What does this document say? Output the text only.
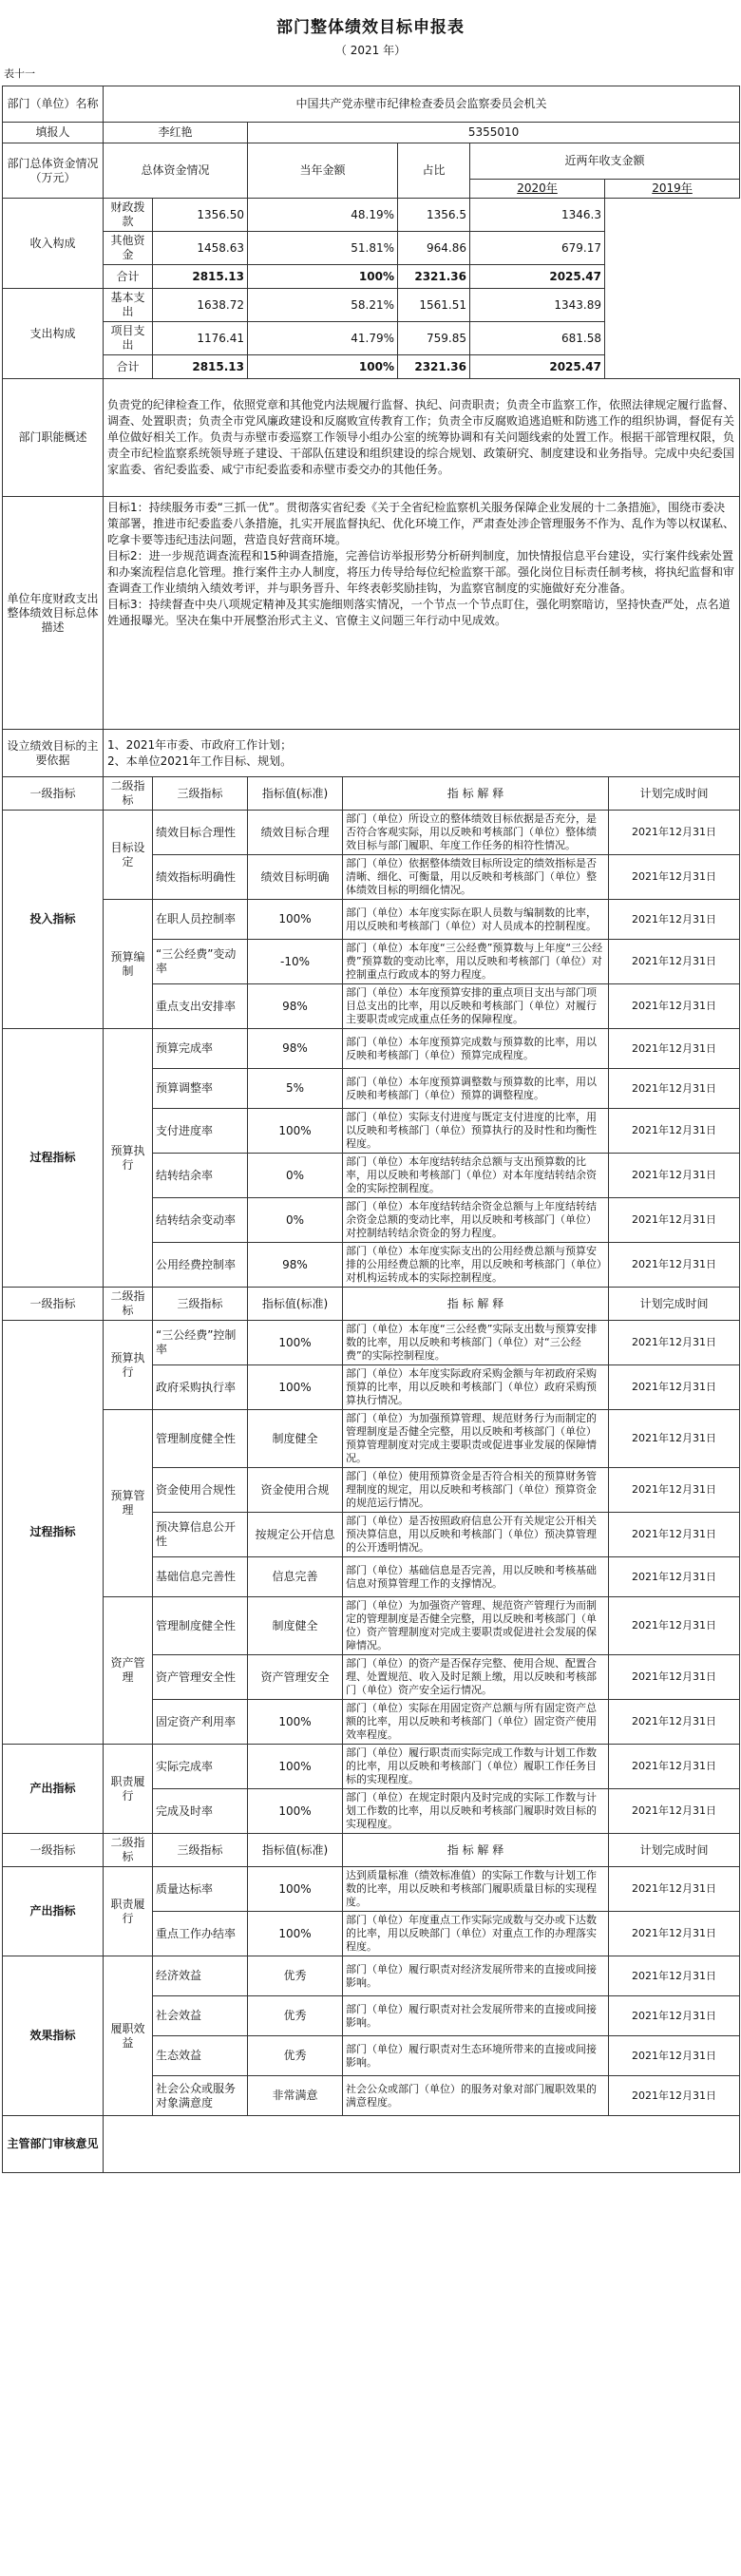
部门整体绩效目标申报表
（ 2021 年）
表十一
部门（单位）名称	中国共产党赤壁市纪律检查委员会监察委员会机关					
填报人	李红艳		5355010			
部门总体资金情况（万元）	总体资金情况		当年金额	占比	近两年收支金额	
					2020年	2019年
收入构成	财政拨款	1356.50	48.19%	1356.5	1346.3	
	其他资金	1458.63	51.81%	964.86	679.17	
	合计	2815.13	100%	2321.36	2025.47	
支出构成	基本支出	1638.72	58.21%	1561.51	1343.89	
	项目支出	1176.41	41.79%	759.85	681.58	
	合计	2815.13	100%	2321.36	2025.47	
部门职能概述	负责党的纪律检查工作，依照党章和其他党内法规履行监督、执纪、问责职责；负责全市监察工作，依照法律规定履行监督、调查、处置职责；负责全市党风廉政建设和反腐败宣传教育工作；负责全市反腐败追逃追赃和防逃工作的组织协调，督促有关单位做好相关工作。负责与赤壁市委巡察工作领导小组办公室的统筹协调和有关问题线索的处置工作。根据干部管理权限，负责全市纪检监察系统领导班子建设、干部队伍建设和组织建设的综合规划、政策研究、制度建设和业务指导。完成中央纪委国家监委、省纪委监委、咸宁市纪委监委和赤壁市委交办的其他任务。					
单位年度财政支出整体绩效目标总体描述	目标1：持续服务市委“三抓一优”。贯彻落实省纪委《关于全省纪检监察机关服务保障企业发展的十二条措施》，围绕市委决策部署，推进市纪委监委八条措施，扎实开展监督执纪、优化环境工作，严肃查处涉企管理服务不作为、乱作为等以权谋私、吃拿卡要等违纪违法问题，营造良好营商环境。
目标2：进一步规范调查流程和15种调查措施，完善信访举报形势分析研判制度，加快情报信息平台建设，实行案件线索处置和办案流程信息化管理。推行案件主办人制度，将压力传导给每位纪检监察干部。强化岗位目标责任制考核，将执纪监督和审查调查工作业绩纳入绩效考评，并与职务晋升、年终表彰奖励挂钩，为监察官制度的实施做好充分准备。
目标3：持续督查中央八项规定精神及其实施细则落实情况，一个节点一个节点盯住，强化明察暗访，坚持快查严处，点名道姓通报曝光。坚决在集中开展整治形式主义、官僚主义问题三年行动中见成效。					
设立绩效目标的主要依据	1、2021年市委、市政府工作计划；
2、本单位2021年工作目标、规划。					
一级指标	二级指标	三级指标	指标值(标准)	指 标 解 释	计划完成时间
投入指标	目标设定	绩效目标合理性	绩效目标合理	部门（单位）所设立的整体绩效目标依据是否充分，是否符合客观实际，用以反映和考核部门（单位）整体绩效目标与部门履职、年度工作任务的相符性情况。	2021年12月31日
		绩效指标明确性	绩效目标明确	部门（单位）依据整体绩效目标所设定的绩效指标是否清晰、细化、可衡量，用以反映和考核部门（单位）整体绩效目标的明细化情况。	2021年12月31日
	预算编制	在职人员控制率	100%	部门（单位）本年度实际在职人员数与编制数的比率，用以反映和考核部门（单位）对人员成本的控制程度。	2021年12月31日
		“三公经费”变动率	-10%	部门（单位）本年度“三公经费”预算数与上年度“三公经费”预算数的变动比率，用以反映和考核部门（单位）对控制重点行政成本的努力程度。	2021年12月31日
		重点支出安排率	98%	部门（单位）本年度预算安排的重点项目支出与部门项目总支出的比率，用以反映和考核部门（单位）对履行主要职责或完成重点任务的保障程度。	2021年12月31日
过程指标	预算执行	预算完成率	98%	部门（单位）本年度预算完成数与预算数的比率，用以反映和考核部门（单位）预算完成程度。	2021年12月31日
		预算调整率	5%	部门（单位）本年度预算调整数与预算数的比率，用以反映和考核部门（单位）预算的调整程度。	2021年12月31日
		支付进度率	100%	部门（单位）实际支付进度与既定支付进度的比率，用以反映和考核部门（单位）预算执行的及时性和均衡性程度。	2021年12月31日
		结转结余率	0%	部门（单位）本年度结转结余总额与支出预算数的比率，用以反映和考核部门（单位）对本年度结转结余资金的实际控制程度。	2021年12月31日
		结转结余变动率	0%	部门（单位）本年度结转结余资金总额与上年度结转结余资金总额的变动比率，用以反映和考核部门（单位）对控制结转结余资金的努力程度。	2021年12月31日
		公用经费控制率	98%	部门（单位）本年度实际支出的公用经费总额与预算安排的公用经费总额的比率，用以反映和考核部门（单位）对机构运转成本的实际控制程度。	2021年12月31日
一级指标	二级指标	三级指标	指标值(标准)	指 标 解 释	计划完成时间
过程指标	预算执行	“三公经费”控制率	100%	部门（单位）本年度“三公经费”实际支出数与预算安排数的比率，用以反映和考核部门（单位）对“三公经费”的实际控制程度。	2021年12月31日
		政府采购执行率	100%	部门（单位）本年度实际政府采购金额与年初政府采购预算的比率，用以反映和考核部门（单位）政府采购预算执行情况。	2021年12月31日
	预算管理	管理制度健全性	制度健全	部门（单位）为加强预算管理、规范财务行为而制定的管理制度是否健全完整，用以反映和考核部门（单位）预算管理制度对完成主要职责或促进事业发展的保障情况。	2021年12月31日
		资金使用合规性	资金使用合规	部门（单位）使用预算资金是否符合相关的预算财务管理制度的规定，用以反映和考核部门（单位）预算资金的规范运行情况。	2021年12月31日
		预决算信息公开性	按规定公开信息	部门（单位）是否按照政府信息公开有关规定公开相关预决算信息，用以反映和考核部门（单位）预决算管理的公开透明情况。	2021年12月31日
		基础信息完善性	信息完善	部门（单位）基础信息是否完善，用以反映和考核基础信息对预算管理工作的支撑情况。	2021年12月31日
	资产管理	管理制度健全性	制度健全	部门（单位）为加强资产管理、规范资产管理行为而制定的管理制度是否健全完整，用以反映和考核部门（单位）资产管理制度对完成主要职责或促进社会发展的保障情况。	2021年12月31日
		资产管理安全性	资产管理安全	部门（单位）的资产是否保存完整、使用合规、配置合理、处置规范、收入及时足额上缴，用以反映和考核部门（单位）资产安全运行情况。	2021年12月31日
		固定资产利用率	100%	部门（单位）实际在用固定资产总额与所有固定资产总额的比率，用以反映和考核部门（单位）固定资产使用效率程度。	2021年12月31日
产出指标	职责履行	实际完成率	100%	部门（单位）履行职责而实际完成工作数与计划工作数的比率，用以反映和考核部门（单位）履职工作任务目标的实现程度。	2021年12月31日
		完成及时率	100%	部门（单位）在规定时限内及时完成的实际工作数与计划工作数的比率，用以反映和考核部门履职时效目标的实现程度。	2021年12月31日
一级指标	二级指标	三级指标	指标值(标准)	指 标 解 释	计划完成时间
产出指标	职责履行	质量达标率	100%	达到质量标准（绩效标准值）的实际工作数与计划工作数的比率，用以反映和考核部门履职质量目标的实现程度。	2021年12月31日
		重点工作办结率	100%	部门（单位）年度重点工作实际完成数与交办或下达数的比率，用以反映部门（单位）对重点工作的办理落实程度。	2021年12月31日
效果指标	履职效益	经济效益	优秀	部门（单位）履行职责对经济发展所带来的直接或间接影响。	2021年12月31日
		社会效益	优秀	部门（单位）履行职责对社会发展所带来的直接或间接影响。	2021年12月31日
		生态效益	优秀	部门（单位）履行职责对生态环境所带来的直接或间接影响。	2021年12月31日
		社会公众或服务对象满意度	非常满意	社会公众或部门（单位）的服务对象对部门履职效果的满意程度。	2021年12月31日
主管部门审核意见					
